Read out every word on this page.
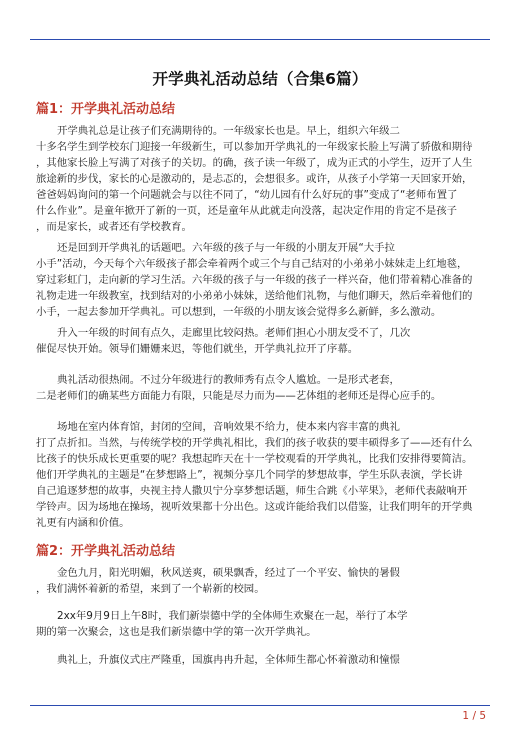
开学典礼活动总结（合集6篇）
篇1：开学典礼活动总结
开学典礼总是让孩子们充满期待的。一年级家长也是。早上，组织六年级二
十多名学生到学校东门迎接一年级新生，可以参加开学典礼的一年级家长脸上写满了骄傲和期待
，其他家长脸上写满了对孩子的关切。的确，孩子读一年级了，成为正式的小学生，迈开了人生
旅途新的步伐，家长的心是激动的，是忐忑的，会想很多。或许，从孩子小学第一天回家开始，
爸爸妈妈询问的第一个问题就会与以往不同了，“幼儿园有什么好玩的事”变成了“老师布置了
什么作业”。是童年掀开了新的一页，还是童年从此就走向没落，起决定作用的肯定不是孩子
，而是家长，或者还有学校教育。
还是回到开学典礼的话题吧。六年级的孩子与一年级的小朋友开展“大手拉
小手”活动，今天每个六年级孩子都会牵着两个或三个与自己结对的小弟弟小妹妹走上红地毯，
穿过彩虹门，走向新的学习生活。六年级的孩子与一年级的孩子一样兴奋，他们带着精心准备的
礼物走进一年级教室，找到结对的小弟弟小妹妹，送给他们礼物，与他们聊天，然后牵着他们的
小手，一起去参加开学典礼。可以想到，一年级的小朋友该会觉得多么新鲜，多么激动。
升入一年级的时间有点久，走廊里比较闷热。老师们担心小朋友受不了，几次
催促尽快开始。领导们姗姗来迟，等他们就坐，开学典礼拉开了序幕。
典礼活动很热闹。不过分年级进行的教师秀有点令人尴尬。一是形式老套，
二是老师们的确某些方面能力有限，只能是尽力而为——艺体组的老师还是得心应手的。
场地在室内体育馆，封闭的空间，音响效果不给力，使本来内容丰富的典礼
打了点折扣。当然，与传统学校的开学典礼相比，我们的孩子收获的要丰硕得多了——还有什么
比孩子的快乐成长更重要的呢？我想起昨天在十一学校观看的开学典礼，比我们安排得要简洁。
他们开学典礼的主题是“在梦想路上”，视频分享几个同学的梦想故事，学生乐队表演，学长讲
自己追逐梦想的故事，央视主持人撒贝宁分享梦想话题，师生合跳《小苹果》，老师代表敲响开
学铃声。因为场地在操场，视听效果都十分出色。这或许能给我们以借鉴，让我们明年的开学典
礼更有内涵和价值。
篇2：开学典礼活动总结
金色九月，阳光明媚，秋风送爽，硕果飘香，经过了一个平安、愉快的暑假
，我们满怀着新的希望，来到了一个崭新的校园。
2xx年9月9日上午8时，我们新崇德中学的全体师生欢聚在一起，举行了本学
期的第一次聚会，这也是我们新崇德中学的第一次开学典礼。
典礼上，升旗仪式庄严隆重，国旗冉冉升起，全体师生都心怀着激动和憧憬
1 / 5
